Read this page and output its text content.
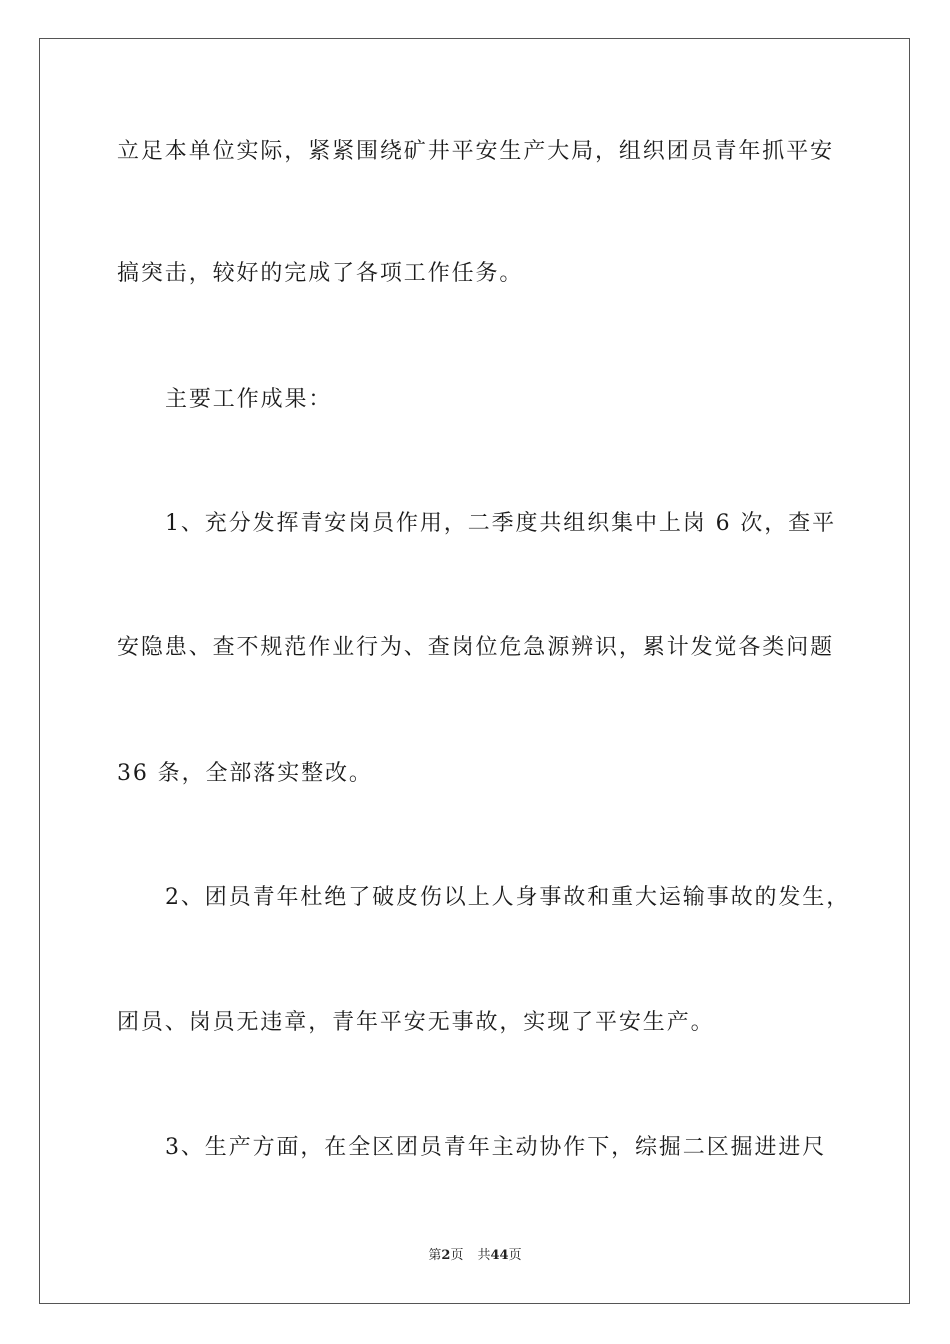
立足本单位实际，紧紧围绕矿井平安生产大局，组织团员青年抓平安
搞突击，较好的完成了各项工作任务。
主要工作成果：
1、充分发挥青安岗员作用，二季度共组织集中上岗 6 次，查平
安隐患、查不规范作业行为、查岗位危急源辨识，累计发觉各类问题
36 条，全部落实整改。
2、团员青年杜绝了破皮伤以上人身事故和重大运输事故的发生，
团员、岗员无违章，青年平安无事故，实现了平安生产。
3、生产方面，在全区团员青年主动协作下，综掘二区掘进进尺
第2页 共44页
